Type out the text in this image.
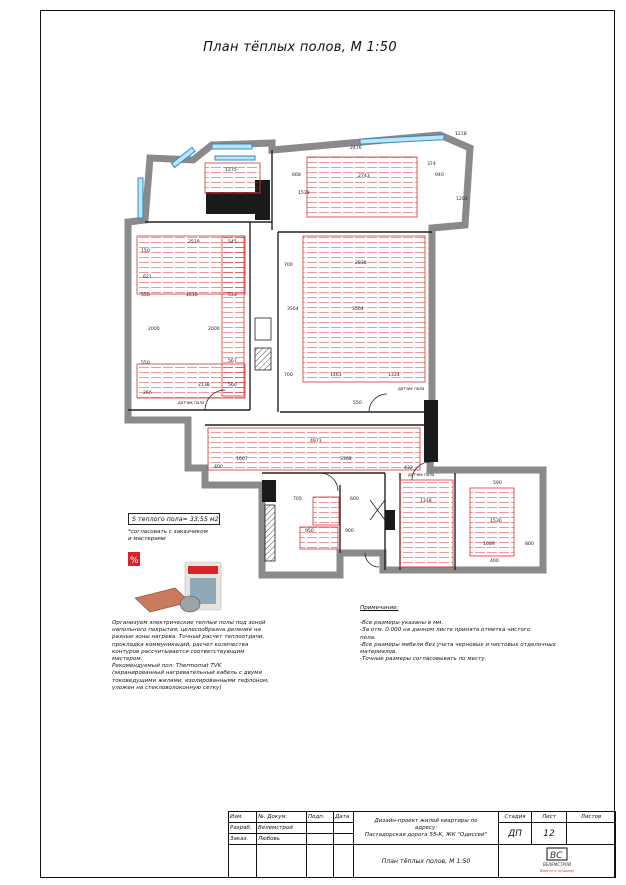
План тёплых полов, М 1:50
1275
2476
2743
668	940
1203
374
1218
1528
2519	545
1610	533
2000	2000
567
2138	560
2838
3564	3564
700
700	1461	1324
4971
1607	3368
432
1318
1530
1689	800
600
900
705
950
550
550
621
266
150
550
590
400
400
датчик пола
датчик пола
датчик пола
S теплого пола= 33,55 м2
*согласовать с заказчиком
и мастерами
%
Организуем электрические теплые полы под зоной
напольного покрытия, целесообразна деление на
разные зоны нагрева. Точный расчет теплоотдачи,
прокладка коммуникаций, расчет количества
контуров рассчитывается соответствующим
мастером.
Рекомендуемый пол: Thermomat TVK
(экранированный нагревательный кабель с двумя
токоведущими жилами, изолированными тефлоном,
уложен на стекловолоконную сетку)
Примечание:
-Все размеры указаны в мм.
-За отм. 0.000 на данном листе принята отметка чистого
пола.
-Все размеры мебели без учета черновых и чистовых отделочных
материалов.
-Точные размеры согласовывать по месту.
Изм.	№. Докум.	Подп.	Дата	Дизайн-проект жилой квартиры по
адресу:
Пастадорская дорога 55-К, ЖК "Одиссей"	Стадия	Лист	Листов
Разраб.	Велемстрой				ДП	12	
Заказ.	Любовь						
				План тёплых полов, М 1:50	ВС
ВЕЛЕМСТРОЙ
Вместе к лучшему		
